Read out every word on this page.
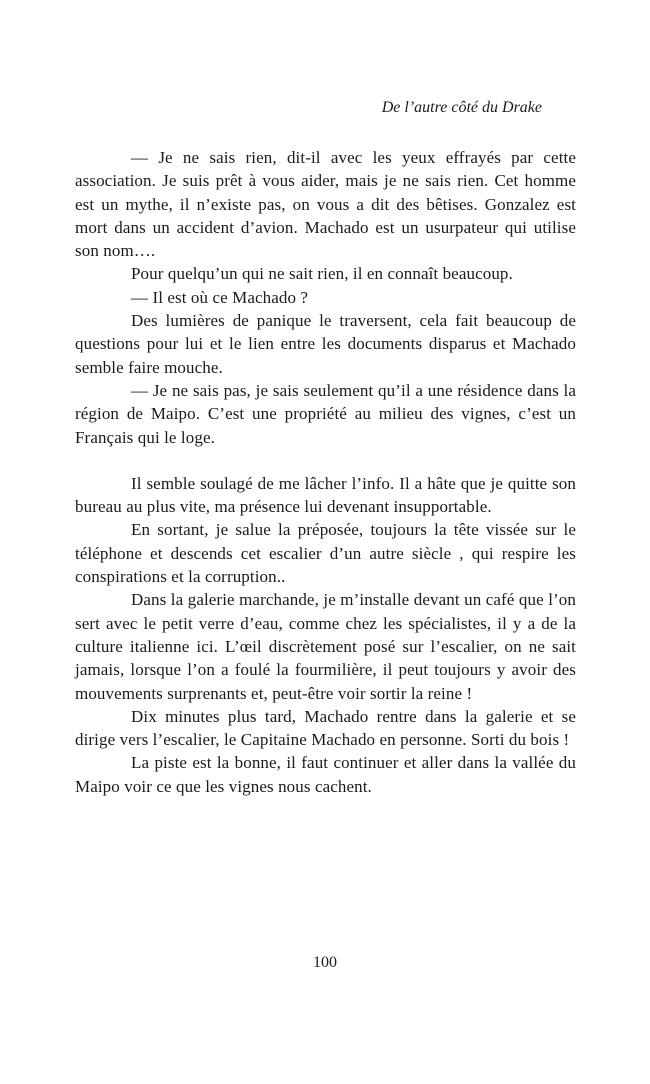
De l’autre côté du Drake

— Je ne sais rien, dit-il avec les yeux effrayés par cette association. Je suis prêt à vous aider, mais je ne sais rien. Cet homme est un mythe, il n’existe pas, on vous a dit des bêtises. Gonzalez est mort dans un accident d’avion. Machado est un usurpateur qui utilise son nom….

Pour quelqu’un qui ne sait rien, il en connaît beaucoup.

— Il est où ce Machado ?

Des lumières de panique le traversent, cela fait beaucoup de questions pour lui et le lien entre les documents disparus et Machado semble faire mouche.

— Je ne sais pas, je sais seulement qu’il a une résidence dans la région de Maipo. C’est une propriété au milieu des vignes, c’est un Français qui le loge.

Il semble soulagé de me lâcher l’info. Il a hâte que je quitte son bureau au plus vite, ma présence lui devenant insupportable.

En sortant, je salue la préposée, toujours la tête vissée sur le téléphone et descends cet escalier d’un autre siècle , qui respire les conspirations et la corruption..

Dans la galerie marchande, je m’installe devant un café que l’on sert avec le petit verre d’eau, comme chez les spécialistes, il y a de la culture italienne ici. L’œil discrètement posé sur l’escalier, on ne sait jamais, lorsque l’on a foulé la fourmilière, il peut toujours y avoir des mouvements surprenants et, peut-être voir sortir la reine !

Dix minutes plus tard, Machado rentre dans la galerie et se dirige vers l’escalier, le Capitaine Machado en personne. Sorti du bois !

La piste est la bonne, il faut continuer et aller dans la vallée du Maipo voir ce que les vignes nous cachent.

100
